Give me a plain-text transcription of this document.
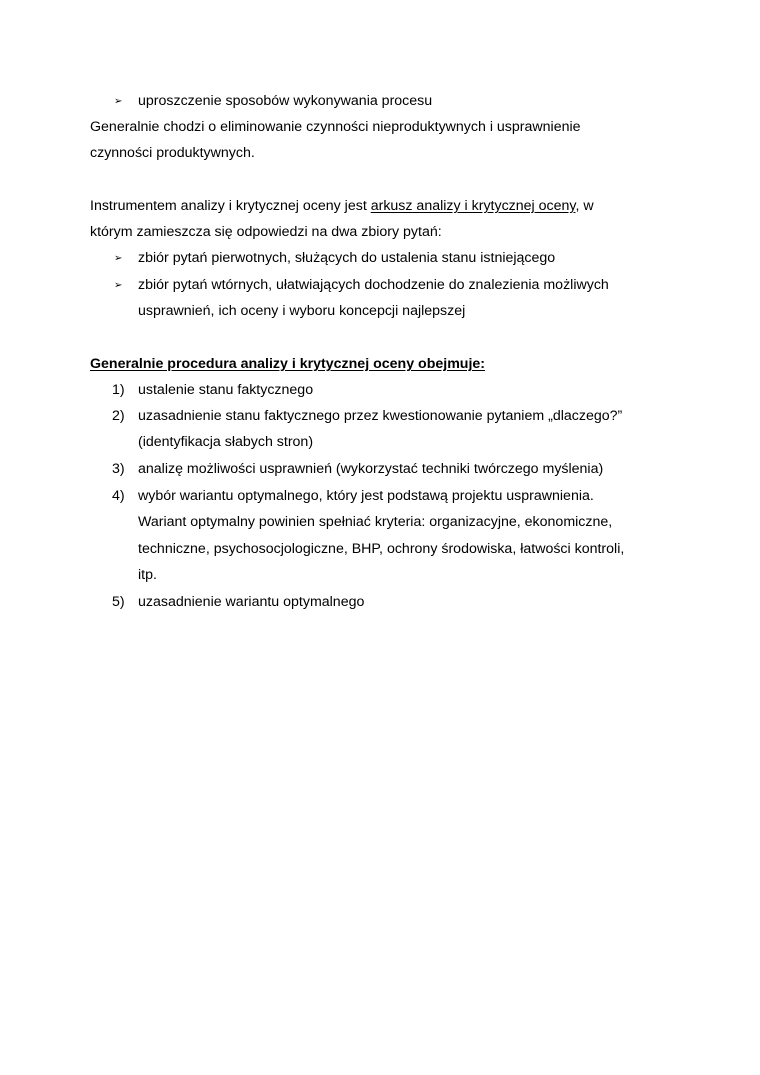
➢ uproszczenie sposobów wykonywania procesu
Generalnie chodzi o eliminowanie czynności nieproduktywnych i usprawnienie
czynności produktywnych.
Instrumentem analizy i krytycznej oceny jest arkusz analizy i krytycznej oceny, w
którym zamieszcza się odpowiedzi na dwa zbiory pytań:
➢ zbiór pytań pierwotnych, służących do ustalenia stanu istniejącego
➢ zbiór pytań wtórnych, ułatwiających dochodzenie do znalezienia możliwych
usprawnień, ich oceny i wyboru koncepcji najlepszej
Generalnie procedura analizy i krytycznej oceny obejmuje:
1) ustalenie stanu faktycznego
2) uzasadnienie stanu faktycznego przez kwestionowanie pytaniem „dlaczego?”
(identyfikacja słabych stron)
3) analizę możliwości usprawnień (wykorzystać techniki twórczego myślenia)
4) wybór wariantu optymalnego, który jest podstawą projektu usprawnienia.
Wariant optymalny powinien spełniać kryteria: organizacyjne, ekonomiczne,
techniczne, psychosocjologiczne, BHP, ochrony środowiska, łatwości kontroli,
itp.
5) uzasadnienie wariantu optymalnego
